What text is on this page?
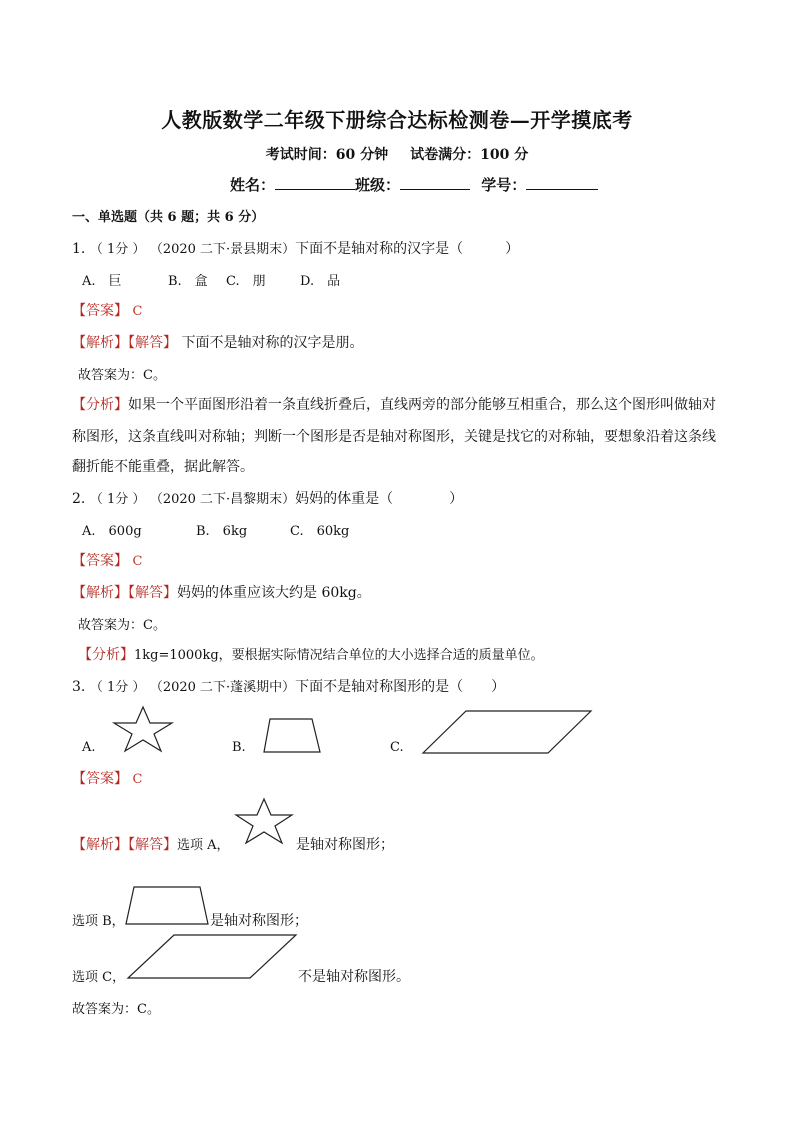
人教版数学二年级下册综合达标检测卷—开学摸底考
考试时间：60 分钟 试卷满分：100 分
姓名：	班级：	学号：
一、单选题（共 6 题；共 6 分）
1. （ 1分 ） （2020 二下·景县期末）下面不是轴对称的汉字是（　　　）
A.　巨	B.　盒 C.　朋	D.　品
【答案】 C
【解析】【解答】 下面不是轴对称的汉字是朋。
故答案为：C。
【分析】如果一个平面图形沿着一条直线折叠后，直线两旁的部分能够互相重合，那么这个图形叫做轴对
称图形，这条直线叫对称轴；判断一个图形是否是轴对称图形，关键是找它的对称轴，要想象沿着这条线
翻折能不能重叠，据此解答。
2. （ 1分 ） （2020 二下·昌黎期末）妈妈的体重是（　　　　）
A.　600g	B.　6kg	C.　60kg
【答案】 C
【解析】【解答】妈妈的体重应该大约是 60kg。
故答案为：C。
【分析】1kg=1000kg，要根据实际情况结合单位的大小选择合适的质量单位。
3. （ 1分 ） （2020 二下·蓬溪期中）下面不是轴对称图形的是（　　）
A.	B.	C.
【答案】 C
【解析】【解答】选项 A，	是轴对称图形；
选项 B，	是轴对称图形；
选项 C，	不是轴对称图形。
故答案为：C。
